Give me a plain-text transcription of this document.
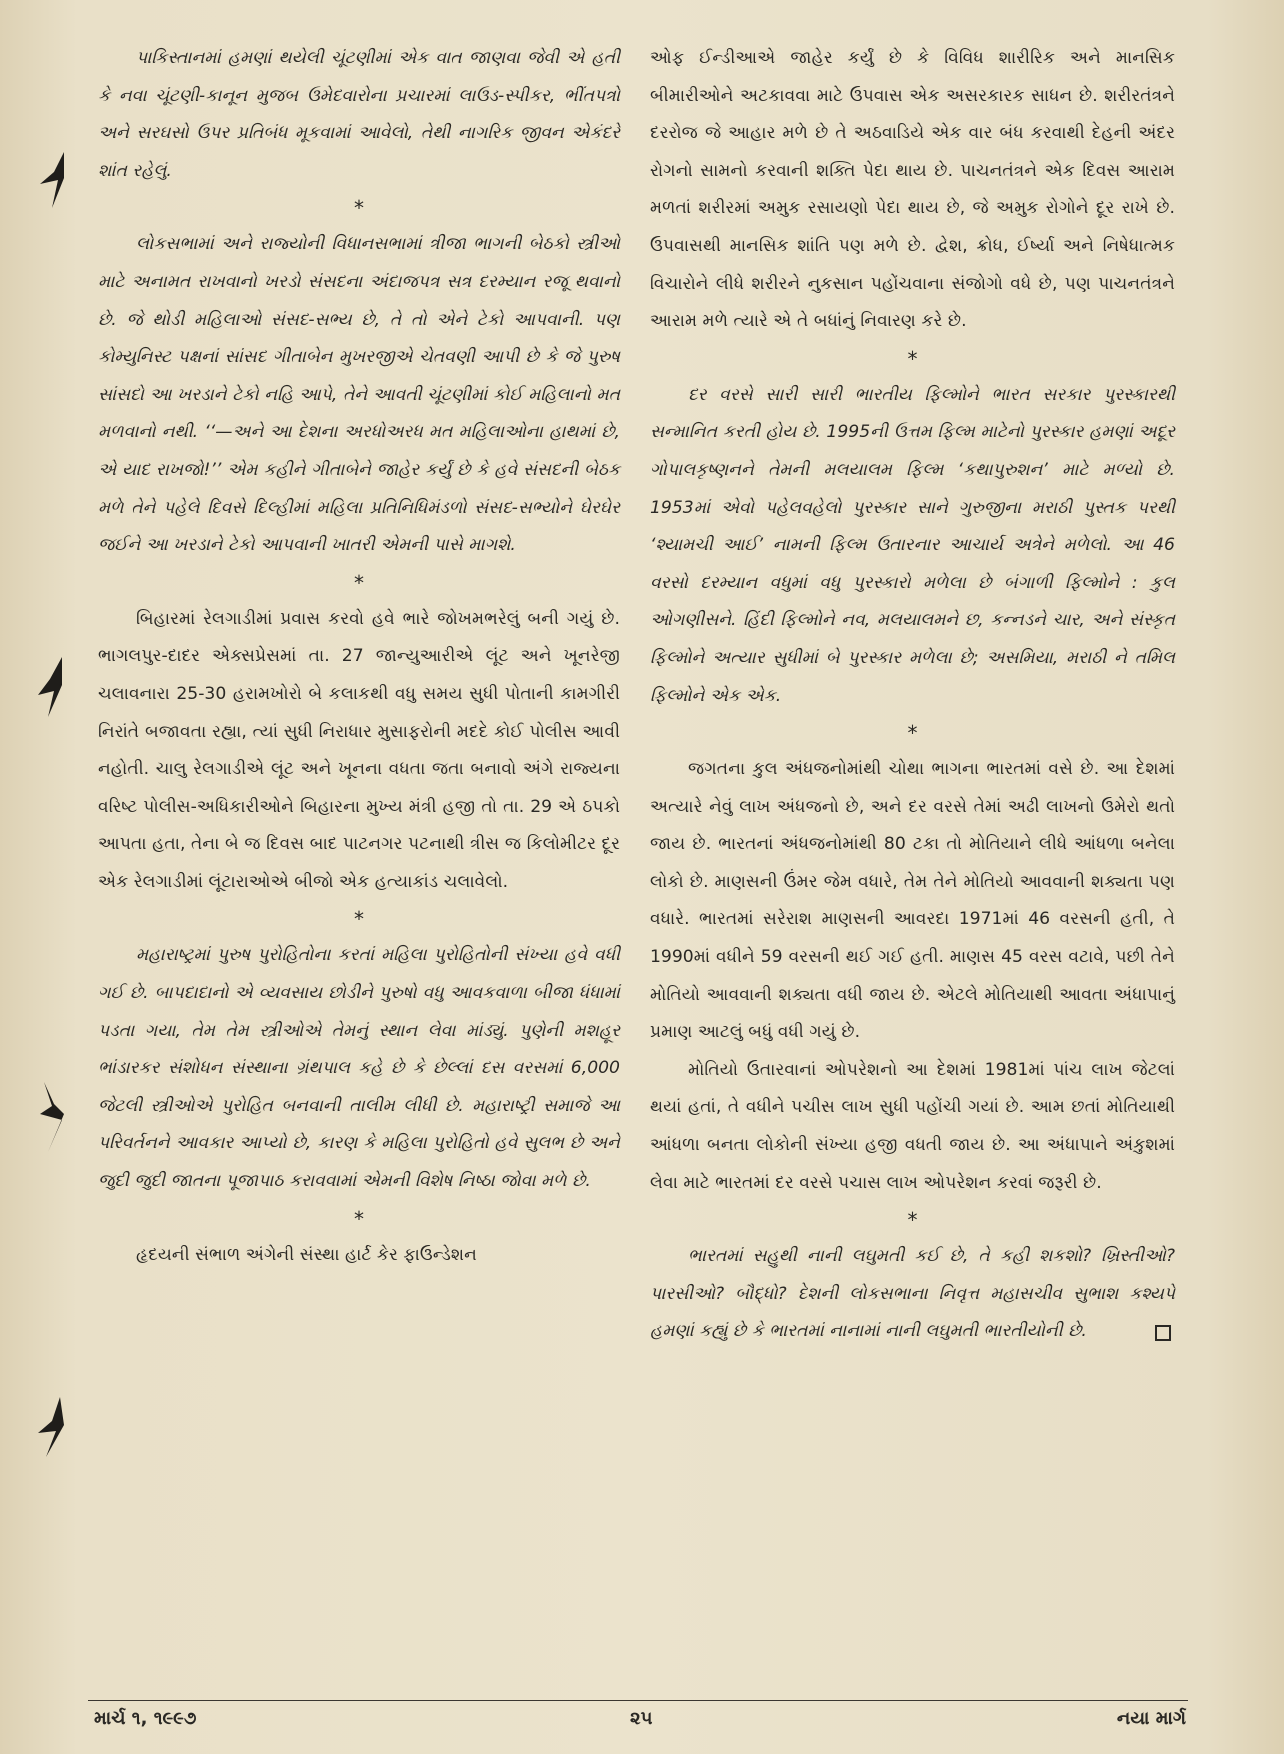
પાકિસ્તાનમાં હમણાં થયેલી ચૂંટણીમાં એક વાત જાણવા જેવી એ હતી કે નવા ચૂંટણી-કાનૂન મુજબ ઉમેદવારોના પ્રચારમાં લાઉડ-સ્પીકર, ભીંતપત્રો અને સરઘસો ઉપર પ્રતિબંધ મૂકવામાં આવેલો, તેથી નાગરિક જીવન એકંદરે શાંત રહેલું.

*

લોકસભામાં અને રાજ્યોની વિધાનસભામાં ત્રીજા ભાગની બેઠકો સ્ત્રીઓ માટે અનામત રાખવાનો ખરડો સંસદના અંદાજપત્ર સત્ર દરમ્યાન રજૂ થવાનો છે. જે થોડી મહિલાઓ સંસદ-સભ્ય છે, તે તો એને ટેકો આપવાની. પણ કોમ્યુનિસ્ટ પક્ષનાં સાંસદ ગીતાબેન મુખરજીએ ચેતવણી આપી છે કે જે પુરુષ સાંસદો આ ખરડાને ટેકો નહિ આપે, તેને આવતી ચૂંટણીમાં કોઈ મહિલાનો મત મળવાનો નથી. ‘‘—અને આ દેશના અરધોઅરધ મત મહિલાઓના હાથમાં છે, એ યાદ રાખજો!’’ એમ કહીને ગીતાબેને જાહેર કર્યું છે કે હવે સંસદની બેઠક મળે તેને પહેલે દિવસે દિલ્હીમાં મહિલા પ્રતિનિધિમંડળો સંસદ-સભ્યોને ઘેરઘેર જઈને આ ખરડાને ટેકો આપવાની ખાતરી એમની પાસે માગશે.

*

બિહારમાં રેલગાડીમાં પ્રવાસ કરવો હવે ભારે જોખમભરેલું બની ગયું છે. ભાગલપુર-દાદર એક્સપ્રેસમાં તા. 27 જાન્યુઆરીએ લૂંટ અને ખૂનરેજી ચલાવનારા 25-30 હરામખોરો બે કલાકથી વધુ સમય સુધી પોતાની કામગીરી નિરાંતે બજાવતા રહ્યા, ત્યાં સુધી નિરાધાર મુસાફરોની મદદે કોઈ પોલીસ આવી નહોતી. ચાલુ રેલગાડીએ લૂંટ અને ખૂનના વધતા જતા બનાવો અંગે રાજ્યના વરિષ્ટ પોલીસ-અધિકારીઓને બિહારના મુખ્ય મંત્રી હજી તો તા. 29 એ ઠપકો આપતા હતા, તેના બે જ દિવસ બાદ પાટનગર પટનાથી ત્રીસ જ કિલોમીટર દૂર એક રેલગાડીમાં લૂંટારાઓએ બીજો એક હત્યાકાંડ ચલાવેલો.

*

મહારાષ્ટ્રમાં પુરુષ પુરોહિતોના કરતાં મહિલા પુરોહિતોની સંખ્યા હવે વધી ગઈ છે. બાપદાદાનો એ વ્યવસાય છોડીને પુરુષો વધુ આવકવાળા બીજા ધંધામાં પડતા ગયા, તેમ તેમ સ્ત્રીઓએ તેમનું સ્થાન લેવા માંડ્યું. પુણેની મશહૂર ભાંડારકર સંશોધન સંસ્થાના ગ્રંથપાલ કહે છે કે છેલ્લાં દસ વરસમાં 6,000 જેટલી સ્ત્રીઓએ પુરોહિત બનવાની તાલીમ લીધી છે. મહારાષ્ટ્રી સમાજે આ પરિવર્તનને આવકાર આપ્યો છે, કારણ કે મહિલા પુરોહિતો હવે સુલભ છે અને જુદી જુદી જાતના પૂજાપાઠ કરાવવામાં એમની વિશેષ નિષ્ઠા જોવા મળે છે.

*

હૃદયની સંભાળ અંગેની સંસ્થા હાર્ટ કેર ફાઉન્ડેશન

ઓફ ઈન્ડીઆએ જાહેર કર્યું છે કે વિવિધ શારીરિક અને માનસિક બીમારીઓને અટકાવવા માટે ઉપવાસ એક અસરકારક સાધન છે. શરીરતંત્રને દરરોજ જે આહાર મળે છે તે અઠવાડિયે એક વાર બંધ કરવાથી દેહની અંદર રોગનો સામનો કરવાની શક્તિ પેદા થાય છે. પાચનતંત્રને એક દિવસ આરામ મળતાં શરીરમાં અમુક રસાયણો પેદા થાય છે, જે અમુક રોગોને દૂર રાખે છે. ઉપવાસથી માનસિક શાંતિ પણ મળે છે. દ્વેશ, ક્રોધ, ઈર્ષ્યા અને નિષેધાત્મક વિચારોને લીધે શરીરને નુકસાન પહોંચવાના સંજોગો વધે છે, પણ પાચનતંત્રને આરામ મળે ત્યારે એ તે બધાંનું નિવારણ કરે છે.

*

દર વરસે સારી સારી ભારતીય ફિલ્મોને ભારત સરકાર પુરસ્કારથી સન્માનિત કરતી હોય છે. 1995ની ઉત્તમ ફિલ્મ માટેનો પુરસ્કાર હમણાં અદૂર ગોપાલકૃષ્ણનને તેમની મલયાલમ ફિલ્મ ‘કથાપુરુશન’ માટે મળ્યો છે. 1953માં એવો પહેલવહેલો પુરસ્કાર સાને ગુરુજીના મરાઠી પુસ્તક પરથી ‘શ્યામચી આઈ’ નામની ફિલ્મ ઉતારનાર આચાર્ય અત્રેને મળેલો. આ 46 વરસો દરમ્યાન વધુમાં વધુ પુરસ્કારો મળેલા છે બંગાળી ફિલ્મોને : કુલ ઓગણીસને. હિંદી ફિલ્મોને નવ, મલયાલમને છ, કન્નડને ચાર, અને સંસ્કૃત ફિલ્મોને અત્યાર સુધીમાં બે પુરસ્કાર મળેલા છે; અસમિયા, મરાઠી ને તમિલ ફિલ્મોને એક એક.

*

જગતના કુલ અંધજનોમાંથી ચોથા ભાગના ભારતમાં વસે છે. આ દેશમાં અત્યારે નેવું લાખ અંધજનો છે, અને દર વરસે તેમાં અઢી લાખનો ઉમેરો થતો જાય છે. ભારતનાં અંધજનોમાંથી 80 ટકા તો મોતિયાને લીધે આંધળા બનેલા લોકો છે. માણસની ઉંમર જેમ વધારે, તેમ તેને મોતિયો આવવાની શક્યતા પણ વધારે. ભારતમાં સરેરાશ માણસની આવરદા 1971માં 46 વરસની હતી, તે 1990માં વધીને 59 વરસની થઈ ગઈ હતી. માણસ 45 વરસ વટાવે, પછી તેને મોતિયો આવવાની શક્યતા વધી જાય છે. એટલે મોતિયાથી આવતા અંધાપાનું પ્રમાણ આટલું બધું વધી ગયું છે.

મોતિયો ઉતારવાનાં ઓપરેશનો આ દેશમાં 1981માં પાંચ લાખ જેટલાં થયાં હતાં, તે વધીને પચીસ લાખ સુધી પહોંચી ગયાં છે. આમ છતાં મોતિયાથી આંધળા બનતા લોકોની સંખ્યા હજી વધતી જાય છે. આ અંધાપાને અંકુશમાં લેવા માટે ભારતમાં દર વરસે પચાસ લાખ ઓપરેશન કરવાં જરૂરી છે.

*

ભારતમાં સહુથી નાની લઘુમતી કઈ છે, તે કહી શકશો? ખ્રિસ્તીઓ? પારસીઓ? બૌદ્ધો? દેશની લોકસભાના નિવૃત્ત મહાસચીવ સુભાશ કશ્યપે હમણાં કહ્યું છે કે ભારતમાં નાનામાં નાની લઘુમતી ભારતીયોની છે.

માર્ચ ૧, ૧૯૯૭	૨૫	નયા માર્ગ
